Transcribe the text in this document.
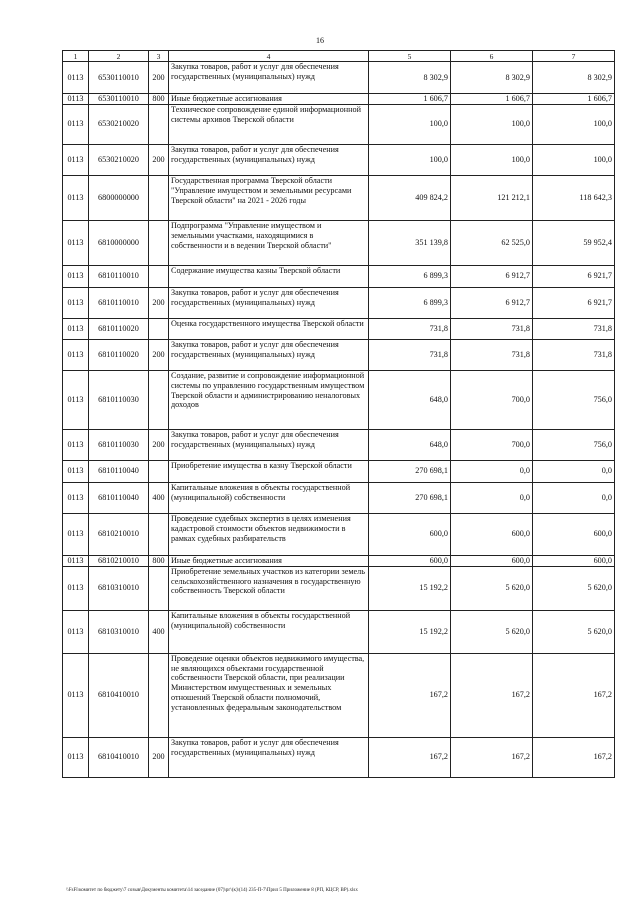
16
1	2	3	4	5	6	7
0113	6530110010	200	Закупка товаров, работ и услуг для обеспечения государственных (муниципальных) нужд	8 302,9	8 302,9	8 302,9
0113	6530110010	800	Иные бюджетные ассигнования	1 606,7	1 606,7	1 606,7
0113	6530210020		Техническое сопровождение единой информационной системы архивов Тверской области	100,0	100,0	100,0
0113	6530210020	200	Закупка товаров, работ и услуг для обеспечения государственных (муниципальных) нужд	100,0	100,0	100,0
0113	6800000000		Государственная программа Тверской области "Управление имуществом и земельными ресурсами Тверской области" на 2021 - 2026 годы	409 824,2	121 212,1	118 642,3
0113	6810000000		Подпрограмма "Управление имуществом и земельными участками, находящимися в собственности и в ведении Тверской области"	351 139,8	62 525,0	59 952,4
0113	6810110010		Содержание имущества казны Тверской области	6 899,3	6 912,7	6 921,7
0113	6810110010	200	Закупка товаров, работ и услуг для обеспечения государственных (муниципальных) нужд	6 899,3	6 912,7	6 921,7
0113	6810110020		Оценка государственного имущества Тверской области	731,8	731,8	731,8
0113	6810110020	200	Закупка товаров, работ и услуг для обеспечения государственных (муниципальных) нужд	731,8	731,8	731,8
0113	6810110030		Создание, развитие и сопровождение информационной системы по управлению государственным имуществом Тверской области и администрированию неналоговых доходов	648,0	700,0	756,0
0113	6810110030	200	Закупка товаров, работ и услуг для обеспечения государственных (муниципальных) нужд	648,0	700,0	756,0
0113	6810110040		Приобретение имущества в казну Тверской области	270 698,1	0,0	0,0
0113	6810110040	400	Капитальные вложения в объекты государственной (муниципальной) собственности	270 698,1	0,0	0,0
0113	6810210010		Проведение судебных экспертиз в целях изменения кадастровой стоимости объектов недвижимости в рамках судебных разбирательств	600,0	600,0	600,0
0113	6810210010	800	Иные бюджетные ассигнования	600,0	600,0	600,0
0113	6810310010		Приобретение земельных участков из категории земель сельскохозяйственного назначения в государственную собственность Тверской области	15 192,2	5 620,0	5 620,0
0113	6810310010	400	Капитальные вложения в объекты государственной (муниципальной) собственности	15 192,2	5 620,0	5 620,0
0113	6810410010		Проведение оценки объектов недвижимого имущества, не являющихся объектами государственной собственности Тверской области, при реализации Министерством имущественных и земельных отношений Тверской области полномочий, установленных федеральным законодательством	167,2	167,2	167,2
0113	6810410010	200	Закупка товаров, работ и услуг для обеспечения государственных (муниципальных) нужд	167,2	167,2	167,2
\\FsFi\комитет по бюджету\7 созыв\Документы комитета\14 заседание (07)\рг\(к)\(14) 235-П-7\Прил 5 Приложение 8 (РП, КЦСР, ВР).xlsx
